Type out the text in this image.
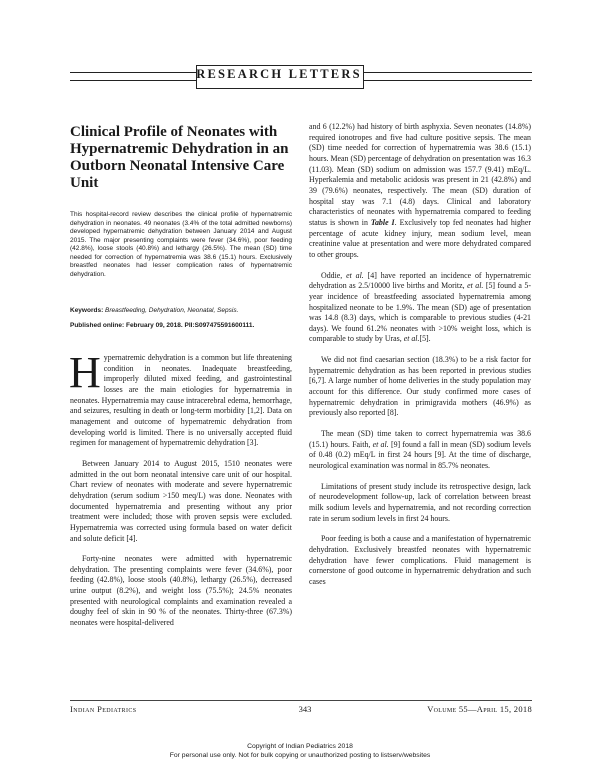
RESEARCH LETTERS
Clinical Profile of Neonates with Hypernatremic Dehydration in an Outborn Neonatal Intensive Care Unit
This hospital-record review describes the clinical profile of hypernatremic dehydration in neonates. 49 neonates (3.4% of the total admitted newborns) developed hypernatremic dehydration between January 2014 and August 2015. The major presenting complaints were fever (34.6%), poor feeding (42.8%), loose stools (40.8%) and lethargy (26.5%). The mean (SD) time needed for correction of hypernatremia was 38.6 (15.1) hours. Exclusively breastfed neonates had lesser complication rates of hypernatremic dehydration.
Keywords: Breastfeeding, Dehydration, Neonatal, Sepsis.
Published online: February 09, 2018. PII:S097475591600111.

Hypernatremic dehydration is a common but life threatening condition in neonates. Inadequate breastfeeding, improperly diluted mixed feeding, and gastrointestinal losses are the main etiologies for hypernatremia in neonates. Hypernatremia may cause intracerebral edema, hemorrhage, and seizures, resulting in death or long-term morbidity [1,2]. Data on management and outcome of hypernatremic dehydration from developing world is limited. There is no universally accepted fluid regimen for management of hypernatremic dehydration [3].

Between January 2014 to August 2015, 1510 neonates were admitted in the out born neonatal intensive care unit of our hospital. Chart review of neonates with moderate and severe hypernatremic dehydration (serum sodium >150 meq/L) was done. Neonates with documented hypernatremia and presenting without any prior treatment were included; those with proven sepsis were excluded. Hypernatremia was corrected using formula based on water deficit and solute deficit [4].

Forty-nine neonates were admitted with hypernatremic dehydration. The presenting complaints were fever (34.6%), poor feeding (42.8%), loose stools (40.8%), lethargy (26.5%), decreased urine output (8.2%), and weight loss (75.5%); 24.5% neonates presented with neurological complaints and examination revealed a doughy feel of skin in 90 % of the neonates. Thirty-three (67.3%) neonates were hospital-delivered

and 6 (12.2%) had history of birth asphyxia. Seven neonates (14.8%) required ionotropes and five had culture positive sepsis. The mean (SD) time needed for correction of hypernatremia was 38.6 (15.1) hours. Mean (SD) percentage of dehydration on presentation was 16.3 (11.03). Mean (SD) sodium on admission was 157.7 (9.41) mEq/L. Hyperkalemia and metabolic acidosis was present in 21 (42.8%) and 39 (79.6%) neonates, respectively. The mean (SD) duration of hospital stay was 7.1 (4.8) days. Clinical and laboratory characteristics of neonates with hypernatremia compared to feeding status is shown in Table I. Exclusively top fed neonates had higher percentage of acute kidney injury, mean sodium level, mean creatinine value at presentation and were more dehydrated compared to other groups.

Oddie, et al. [4] have reported an incidence of hypernatremic dehydration as 2.5/10000 live births and Moritz, et al. [5] found a 5-year incidence of breastfeeding associated hypernatremia among hospitalized neonate to be 1.9%. The mean (SD) age of presentation was 14.8 (8.3) days, which is comparable to previous studies (4-21 days). We found 61.2% neonates with >10% weight loss, which is comparable to study by Uras, et al.[5].

We did not find caesarian section (18.3%) to be a risk factor for hypernatremic dehydration as has been reported in previous studies [6,7]. A large number of home deliveries in the study population may account for this difference. Our study confirmed more cases of hypernatremic dehydration in primigravida mothers (46.9%) as previously also reported [8].

The mean (SD) time taken to correct hypernatremia was 38.6 (15.1) hours. Faith, et al. [9] found a fall in mean (SD) sodium levels of 0.48 (0.2) mEq/L in first 24 hours [9]. At the time of discharge, neurological examination was normal in 85.7% neonates.

Limitations of present study include its retrospective design, lack of neurodevelopment follow-up, lack of correlation between breast milk sodium levels and hypernatremia, and not recording correction rate in serum sodium levels in first 24 hours.

Poor feeding is both a cause and a manifestation of hypernatremic dehydration. Exclusively breastfed neonates with hypernatremic dehydration have fewer complications. Fluid management is cornerstone of good outcome in hypernatremic dehydration and such cases

Indian Pediatrics	343	Volume 55—April 15, 2018
Copyright of Indian Pediatrics 2018
For personal use only. Not for bulk copying or unauthorized posting to listserv/websites
